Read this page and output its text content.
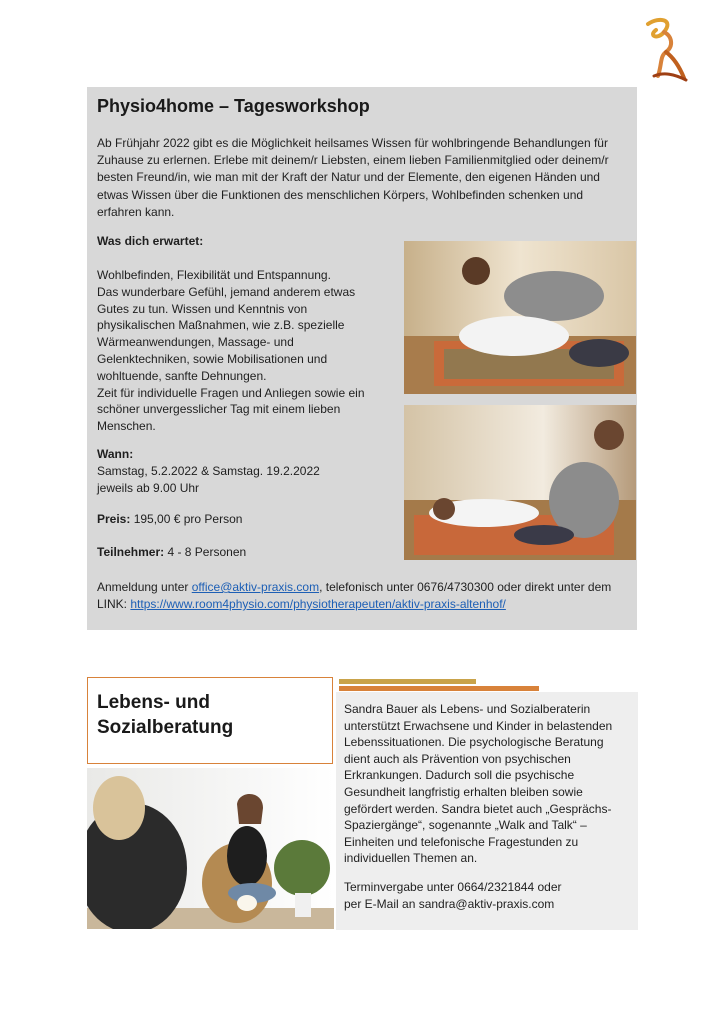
Physio4home – Tagesworkshop

Ab Frühjahr 2022 gibt es die Möglichkeit heilsames Wissen für wohlbringende Behandlungen für Zuhause zu erlernen. Erlebe mit deinem/r Liebsten, einem lieben Familienmitglied oder deinem/r besten Freund/in, wie man mit der Kraft der Natur und der Elemente, den eigenen Händen und etwas Wissen über die Funktionen des menschlichen Körpers, Wohlbefinden schenken und erfahren kann.

Was dich erwartet:

Wohlbefinden, Flexibilität und Entspannung.

Das wunderbare Gefühl, jemand anderem etwas Gutes zu tun. Wissen und Kenntnis von physikalischen Maßnahmen, wie z.B. spezielle Wärmeanwendungen, Massage- und Gelenktechniken, sowie Mobilisationen und wohltuende, sanfte Dehnungen.

Zeit für individuelle Fragen und Anliegen sowie ein schöner unvergesslicher Tag mit einem lieben Menschen.

Wann:
Samstag, 5.2.2022 & Samstag. 19.2.2022
jeweils ab 9.00 Uhr

Preis: 195,00 € pro Person

Teilnehmer: 4 - 8 Personen

Anmeldung unter office@aktiv-praxis.com, telefonisch unter 0676/4730300 oder direkt unter dem LINK: https://www.room4physio.com/physiotherapeuten/aktiv-praxis-altenhof/

Lebens- und
Sozialberatung

Sandra Bauer als Lebens- und Sozialberaterin unterstützt Erwachsene und Kinder in belastenden Lebenssituationen. Die psychologische Beratung dient auch als Prävention von psychischen Erkrankungen. Dadurch soll die psychische Gesundheit langfristig erhalten bleiben sowie gefördert werden. Sandra bietet auch „Gesprächs-Spaziergänge“, sogenannte „Walk and Talk“ – Einheiten und telefonische Fragestunden zu individuellen Themen an.

Terminvergabe unter 0664/2321844 oder
per E-Mail an sandra@aktiv-praxis.com
